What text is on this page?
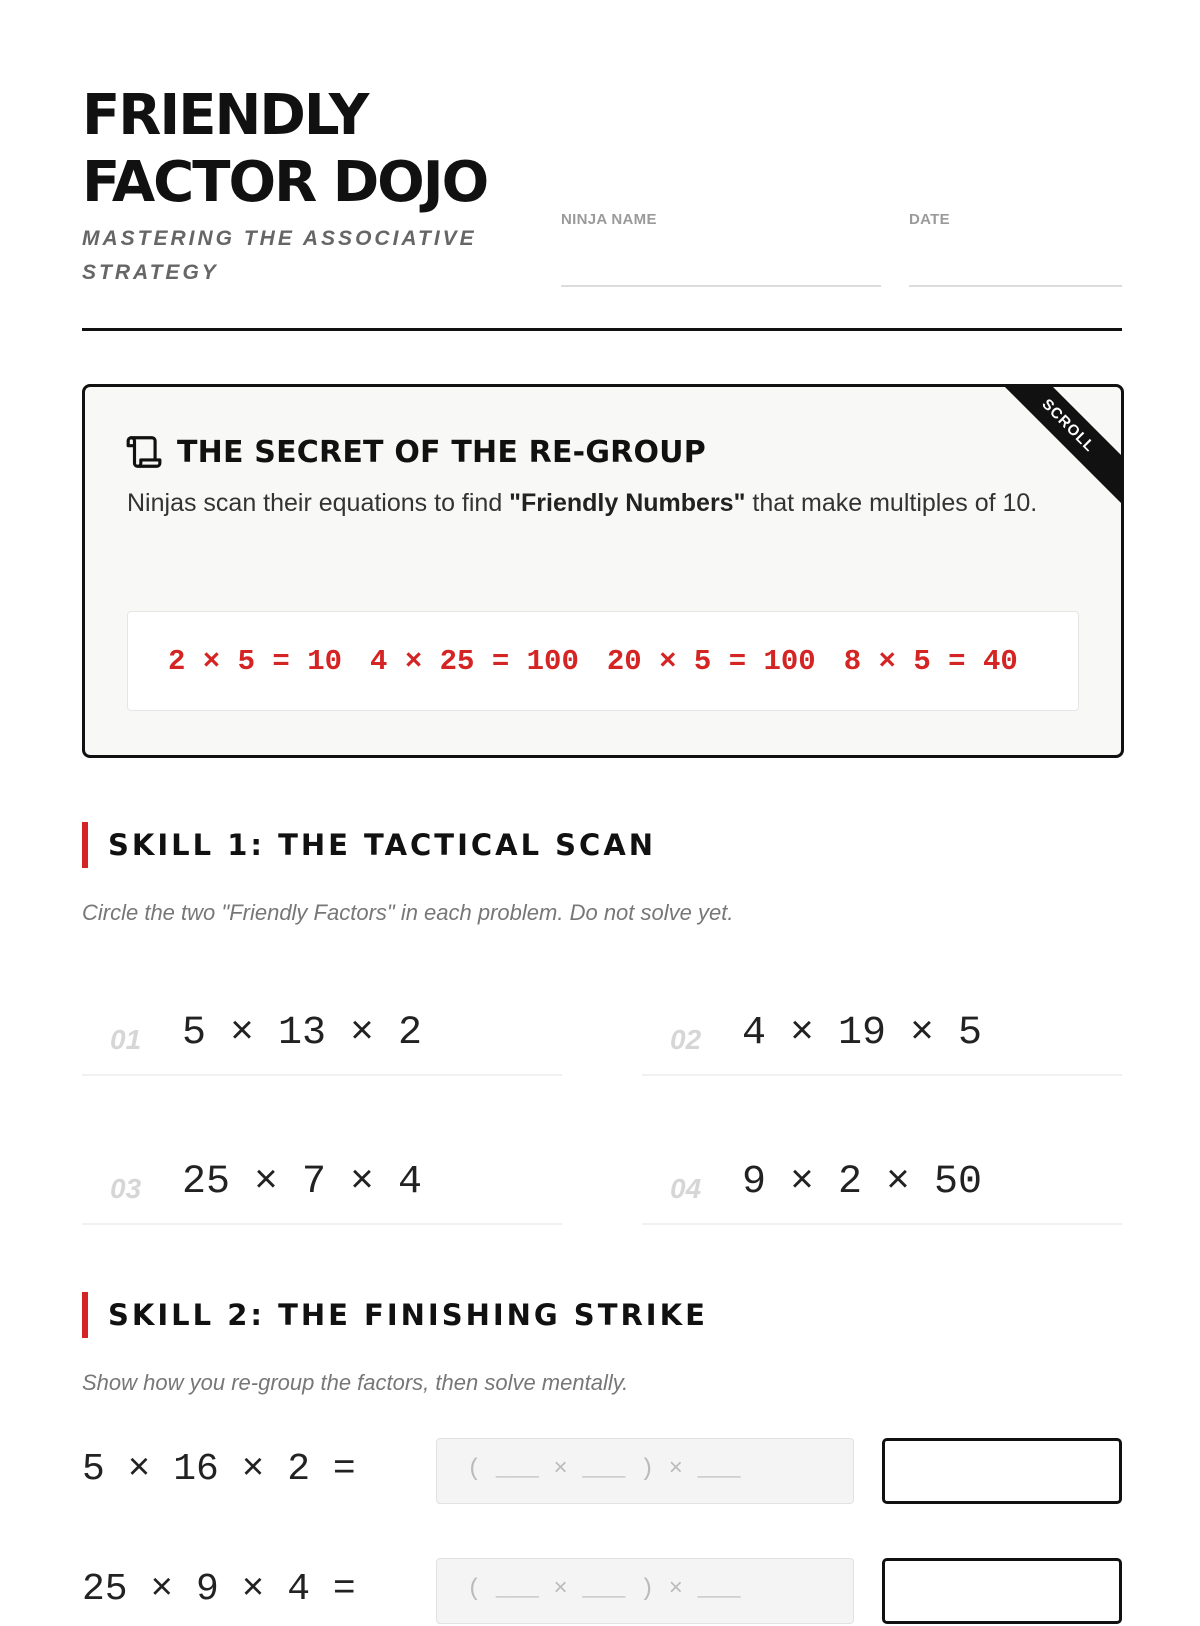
FRIENDLY
FACTOR DOJO

MASTERING THE ASSOCIATIVE STRATEGY

NINJA NAME	DATE
SCROLL
THE SECRET OF THE RE-GROUP

Ninjas scan their equations to find "Friendly Numbers" that make multiples of 10.

2 × 5 = 10 4 × 25 = 100 20 × 5 = 100 8 × 5 = 40
SKILL 1: THE TACTICAL SCAN

Circle the two "Friendly Factors" in each problem. Do not solve yet.

01 5 × 13 × 2	02 4 × 19 × 5
03 25 × 7 × 4	04 9 × 2 × 50
SKILL 2: THE FINISHING STRIKE

Show how you re-group the factors, then solve mentally.

5 × 16 × 2 =	( ___ × ___ ) × ___
25 × 9 × 4 =	( ___ × ___ ) × ___
